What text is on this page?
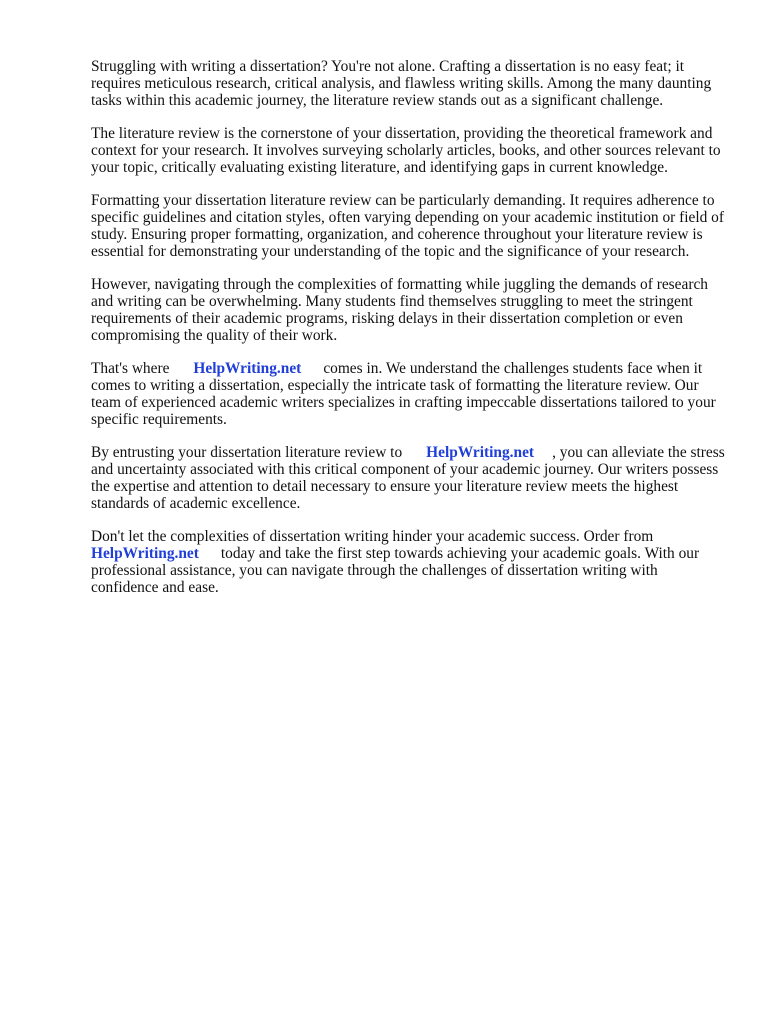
Struggling with writing a dissertation? You're not alone. Crafting a dissertation is no easy feat; it requires meticulous research, critical analysis, and flawless writing skills. Among the many daunting tasks within this academic journey, the literature review stands out as a significant challenge.

The literature review is the cornerstone of your dissertation, providing the theoretical framework and context for your research. It involves surveying scholarly articles, books, and other sources relevant to your topic, critically evaluating existing literature, and identifying gaps in current knowledge.

Formatting your dissertation literature review can be particularly demanding. It requires adherence to specific guidelines and citation styles, often varying depending on your academic institution or field of study. Ensuring proper formatting, organization, and coherence throughout your literature review is essential for demonstrating your understanding of the topic and the significance of your research.

However, navigating through the complexities of formatting while juggling the demands of research and writing can be overwhelming. Many students find themselves struggling to meet the stringent requirements of their academic programs, risking delays in their dissertation completion or even compromising the quality of their work.

That's where HelpWriting.net comes in. We understand the challenges students face when it comes to writing a dissertation, especially the intricate task of formatting the literature review. Our team of experienced academic writers specializes in crafting impeccable dissertations tailored to your specific requirements.

By entrusting your dissertation literature review to HelpWriting.net , you can alleviate the stress and uncertainty associated with this critical component of your academic journey. Our writers possess the expertise and attention to detail necessary to ensure your literature review meets the highest standards of academic excellence.

Don't let the complexities of dissertation writing hinder your academic success. Order from HelpWriting.net today and take the first step towards achieving your academic goals. With our professional assistance, you can navigate through the challenges of dissertation writing with confidence and ease.
